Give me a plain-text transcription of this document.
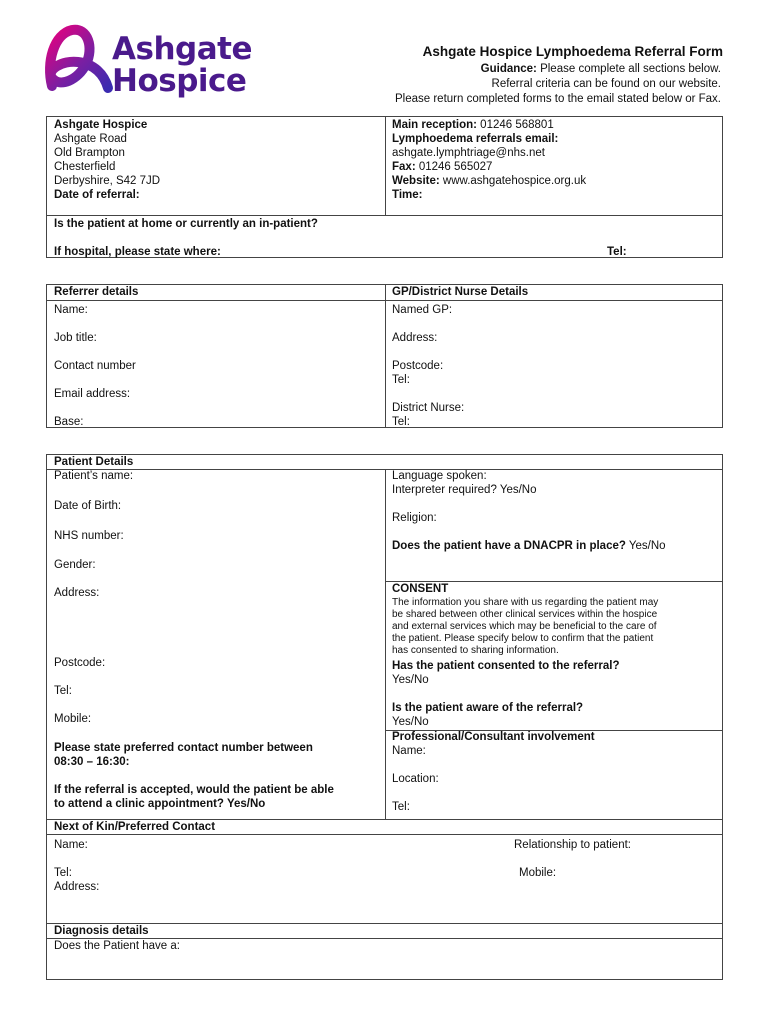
Ashgate
Hospice
Ashgate Hospice Lymphoedema Referral Form
Guidance: Please complete all sections below.
Referral criteria can be found on our website.
Please return completed forms to the email stated below or Fax.
Ashgate Hospice
Ashgate Road
Old Brampton
Chesterfield
Derbyshire, S42 7JD
Date of referral:
Main reception: 01246 568801
Lymphoedema referrals email:
ashgate.lymphtriage@nhs.net
Fax: 01246 565027
Website: www.ashgatehospice.org.uk
Time:
Is the patient at home or currently an in-patient?
If hospital, please state where:	Tel:
Referrer details
Name:
Job title:
Contact number
Email address:
Base:
GP/District Nurse Details
Named GP:
Address:
Postcode:
Tel:
District Nurse:
Tel:
Patient Details
Patient’s name:
Date of Birth:
NHS number:
Gender:
Address:
Postcode:
Tel:
Mobile:
Please state preferred contact number between
08:30 – 16:30:
If the referral is accepted, would the patient be able
to attend a clinic appointment? Yes/No
Language spoken:
Interpreter required? Yes/No
Religion:
Does the patient have a DNACPR in place? Yes/No
CONSENT
The information you share with us regarding the patient may
be shared between other clinical services within the hospice
and external services which may be beneficial to the care of
the patient. Please specify below to confirm that the patient
has consented to sharing information.
Has the patient consented to the referral?
Yes/No
Is the patient aware of the referral?
Yes/No
Professional/Consultant involvement
Name:
Location:
Tel:
Next of Kin/Preferred Contact
Name:	Relationship to patient:
Tel:	Mobile:
Address:
Diagnosis details
Does the Patient have a:
